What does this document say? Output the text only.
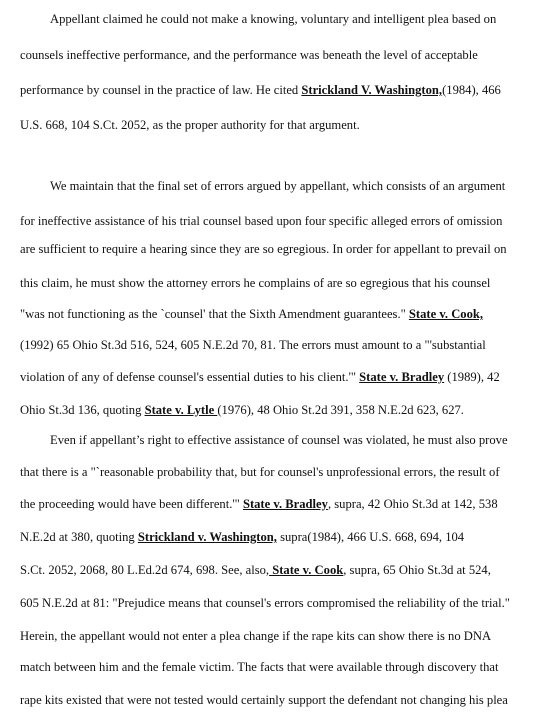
Appellant claimed he could not make a knowing, voluntary and intelligent plea based on
counsels ineffective performance, and the performance was beneath the level of acceptable
performance by counsel in the practice of law. He cited Strickland V. Washington,(1984), 466
U.S. 668, 104 S.Ct. 2052, as the proper authority for that argument.
We maintain that the final set of errors argued by appellant, which consists of an argument
for ineffective assistance of his trial counsel based upon four specific alleged errors of omission
are sufficient to require a hearing since they are so egregious. In order for appellant to prevail on
this claim, he must show the attorney errors he complains of are so egregious that his counsel
"was not functioning as the `counsel' that the Sixth Amendment guarantees." State v. Cook,
(1992) 65 Ohio St.3d 516, 524, 605 N.E.2d 70, 81. The errors must amount to a "'substantial
violation of any of defense counsel's essential duties to his client.'" State v. Bradley (1989), 42
Ohio St.3d 136, quoting State v. Lytle (1976), 48 Ohio St.2d 391, 358 N.E.2d 623, 627.
Even if appellant’s right to effective assistance of counsel was violated, he must also prove
that there is a "`reasonable probability that, but for counsel's unprofessional errors, the result of
the proceeding would have been different.'" State v. Bradley, supra, 42 Ohio St.3d at 142, 538
N.E.2d at 380, quoting Strickland v. Washington, supra(1984), 466 U.S. 668, 694, 104
S.Ct. 2052, 2068, 80 L.Ed.2d 674, 698. See, also, State v. Cook, supra, 65 Ohio St.3d at 524,
605 N.E.2d at 81: "Prejudice means that counsel's errors compromised the reliability of the trial."
Herein, the appellant would not enter a plea change if the rape kits can show there is no DNA
match between him and the female victim. The facts that were available through discovery that
rape kits existed that were not tested would certainly support the defendant not changing his plea
